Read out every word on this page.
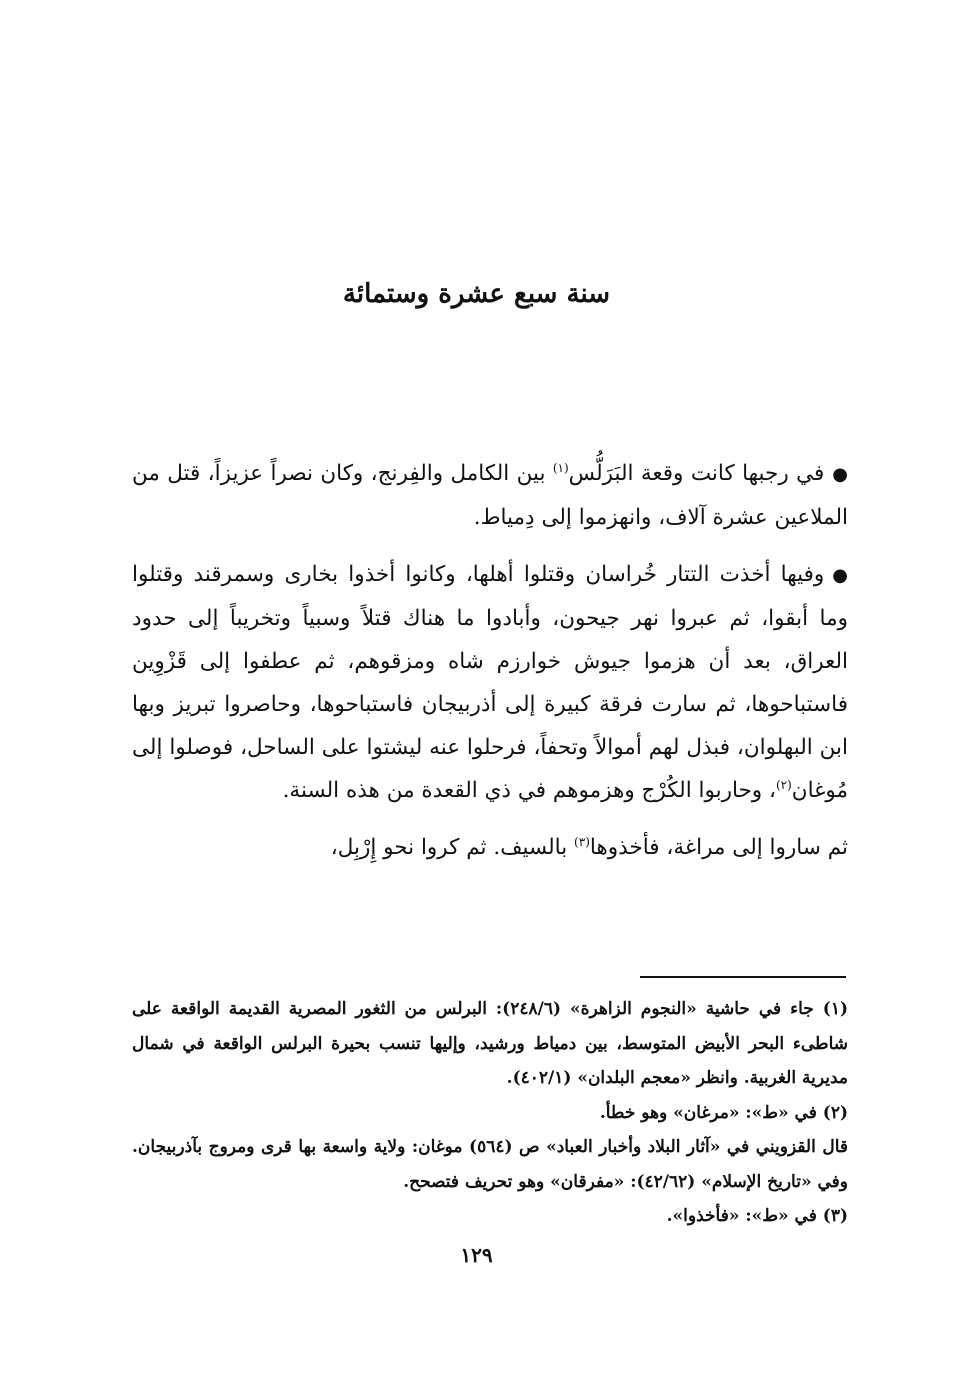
سنة سبع عشرة وستمائة

●في رجبها كانت وقعة البَرَلُّس$^{(١)}$ بين الكامل والفِرنج، وكان نصراً عزيزاً، قتل من الملاعين عشرة آلاف، وانهزموا إلى دِمياط.

●وفيها أخذت التتار خُراسان وقتلوا أهلها، وكانوا أخذوا بخارى وسمرقند وقتلوا وما أبقوا، ثم عبروا نهر جيحون، وأبادوا ما هناك قتلاً وسبياً وتخريباً إلى حدود العراق، بعد أن هزموا جيوش خوارزم شاه ومزقوهم، ثم عطفوا إلى قَزْوِين فاستباحوها، ثم سارت فرقة كبيرة إلى أذربيجان فاستباحوها، وحاصروا تبريز وبها ابن البهلوان، فبذل لهم أموالاً وتحفاً، فرحلوا عنه ليشتوا على الساحل، فوصلوا إلى مُوغان$^{(٢)}$، وحاربوا الكُرْج وهزموهم في ذي القعدة من هذه السنة.

ثم ساروا إلى مراغة، فأخذوها$^{(٣)}$ بالسيف. ثم كروا نحو إِرْبِل،

(١) جاء في حاشية «النجوم الزاهرة» (٢٤٨/٦): البرلس من الثغور المصرية القديمة الواقعة على شاطىء البحر الأبيض المتوسط، بين دمياط ورشيد، وإليها تنسب بحيرة البرلس الواقعة في شمال مديرية الغربية. وانظر «معجم البلدان» (٤٠٢/١).

(٢) في «ط»: «مرغان» وهو خطأ.

قال القزويني في «آثار البلاد وأخبار العباد» ص (٥٦٤) موغان: ولاية واسعة بها قرى ومروج بآذربيجان. وفي «تاريخ الإسلام» (٤٢/٦٢): «مفرقان» وهو تحريف فتصحح.

(٣) في «ط»: «فأخذوا».

١٢٩
